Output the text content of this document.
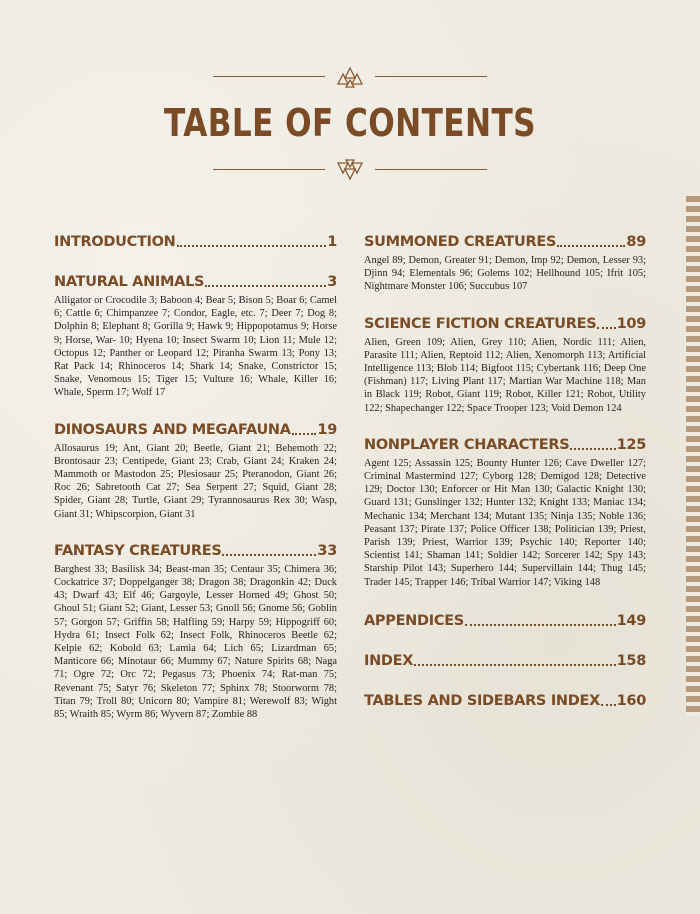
TABLE OF CONTENTS
INTRODUCTION	1
NATURAL ANIMALS	3
Alligator or Crocodile 3; Baboon 4; Bear 5; Bison 5; Boar 6; Camel 6; Cattle 6; Chimpanzee 7; Condor, Eagle, etc. 7; Deer 7; Dog 8; Dolphin 8; Elephant 8; Gorilla 9; Hawk 9; Hippopotamus 9; Horse 9; Horse, War- 10; Hyena 10; Insect Swarm 10; Lion 11; Mule 12; Octopus 12; Panther or Leopard 12; Piranha Swarm 13; Pony 13; Rat Pack 14; Rhinoceros 14; Shark 14; Snake, Constrictor 15; Snake, Venomous 15; Tiger 15; Vulture 16; Whale, Killer 16; Whale, Sperm 17; Wolf 17
DINOSAURS AND MEGAFAUNA 19
Allosaurus 19; Ant, Giant 20; Beetle, Giant 21; Behemoth 22; Brontosaur 23; Centipede, Giant 23; Crab, Giant 24; Kraken 24; Mammoth or Mastodon 25; Plesiosaur 25; Pteranodon, Giant 26; Roc 26; Sabretooth Cat 27; Sea Serpent 27; Squid, Giant 28; Spider, Giant 28; Turtle, Giant 29; Tyrannosaurus Rex 30; Wasp, Giant 31; Whipscorpion, Giant 31
FANTASY CREATURES	33
Barghest 33; Basilisk 34; Beast-man 35; Centaur 35; Chimera 36; Cockatrice 37; Doppelganger 38; Dragon 38; Dragonkin 42; Duck 43; Dwarf 43; Elf 46; Gargoyle, Lesser Horned 49; Ghost 50; Ghoul 51; Giant 52; Giant, Lesser 53; Gnoll 56; Gnome 56; Goblin 57; Gorgon 57; Griffin 58; Halfling 59; Harpy 59; Hippogriff 60; Hydra 61; Insect Folk 62; Insect Folk, Rhinoceros Beetle 62; Kelpie 62; Kobold 63; Lamia 64; Lich 65; Lizardman 65; Manticore 66; Minotaur 66; Mummy 67; Nature Spirits 68; Naga 71; Ogre 72; Orc 72; Pegasus 73; Phoenix 74; Rat-man 75; Revenant 75; Satyr 76; Skeleton 77; Sphinx 78; Stoorworm 78; Titan 79; Troll 80; Unicorn 80; Vampire 81; Werewolf 83; Wight 85; Wraith 85; Wyrm 86; Wyvern 87; Zombie 88
SUMMONED CREATURES	89
Angel 89; Demon, Greater 91; Demon, Imp 92; Demon, Lesser 93; Djinn 94; Elementals 96; Golems 102; Hellhound 105; Ifrit 105; Nightmare Monster 106; Succubus 107
SCIENCE FICTION CREATURES 109
Alien, Green 109; Alien, Grey 110; Alien, Nordic 111; Alien, Parasite 111; Alien, Reptoid 112; Alien, Xenomorph 113; Artificial Intelligence 113; Blob 114; Bigfoot 115; Cybertank 116; Deep One (Fishman) 117; Living Plant 117; Martian War Machine 118; Man in Black 119; Robot, Giant 119; Robot, Killer 121; Robot, Utility 122; Shapechanger 122; Space Trooper 123; Void Demon 124
NONPLAYER CHARACTERS	125
Agent 125; Assassin 125; Bounty Hunter 126; Cave Dweller 127; Criminal Mastermind 127; Cyborg 128; Demigod 128; Detective 129; Doctor 130; Enforcer or Hit Man 130; Galactic Knight 130; Guard 131; Gunslinger 132; Hunter 132; Knight 133; Maniac 134; Mechanic 134; Merchant 134; Mutant 135; Ninja 135; Noble 136; Peasant 137; Pirate 137; Police Officer 138; Politician 139; Priest, Parish 139; Priest, Warrior 139; Psychic 140; Reporter 140; Scientist 141; Shaman 141; Soldier 142; Sorcerer 142; Spy 143; Starship Pilot 143; Superhero 144; Supervillain 144; Thug 145; Trader 145; Trapper 146; Tribal Warrior 147; Viking 148
APPENDICES	149
INDEX	158
TABLES AND SIDEBARS INDEX 160
